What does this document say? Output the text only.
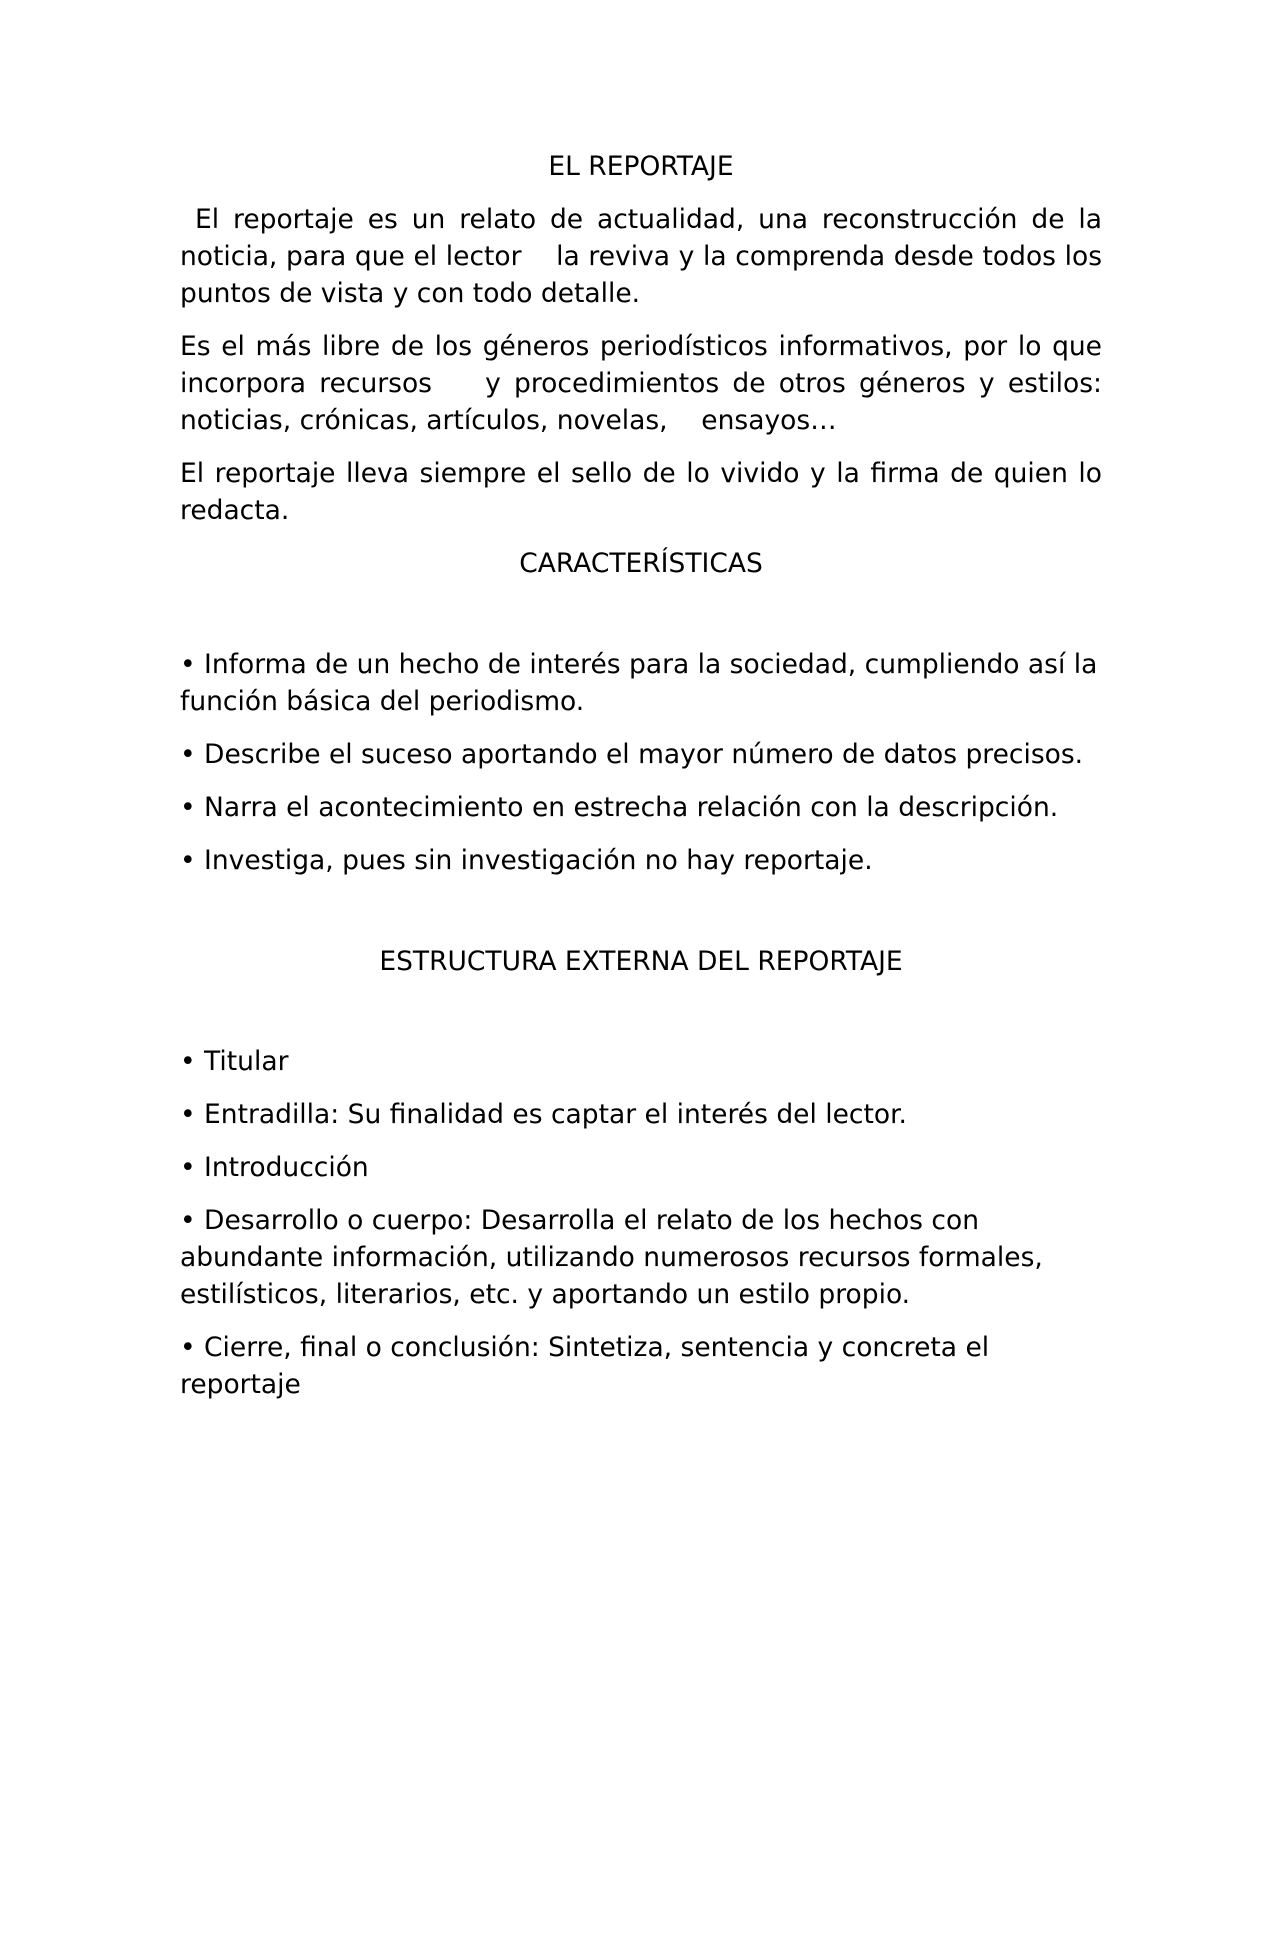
EL REPORTAJE

El reportaje es un relato de actualidad, una reconstrucción de la noticia, para que el lector    la reviva y la comprenda desde todos los puntos de vista y con todo detalle.

Es el más libre de los géneros periodísticos informativos, por lo que incorpora recursos    y procedimientos de otros géneros y estilos: noticias, crónicas, artículos, novelas,    ensayos…

El reportaje lleva siempre el sello de lo vivido y la firma de quien lo redacta.

CARACTERÍSTICAS

• Informa de un hecho de interés para la sociedad, cumpliendo así la función básica del periodismo.

• Describe el suceso aportando el mayor número de datos precisos.

• Narra el acontecimiento en estrecha relación con la descripción.

• Investiga, pues sin investigación no hay reportaje.

ESTRUCTURA EXTERNA DEL REPORTAJE

• Titular

• Entradilla: Su finalidad es captar el interés del lector.

• Introducción

• Desarrollo o cuerpo: Desarrolla el relato de los hechos con abundante información, utilizando numerosos recursos formales, estilísticos, literarios, etc. y aportando un estilo propio.

• Cierre, final o conclusión: Sintetiza, sentencia y concreta el reportaje
